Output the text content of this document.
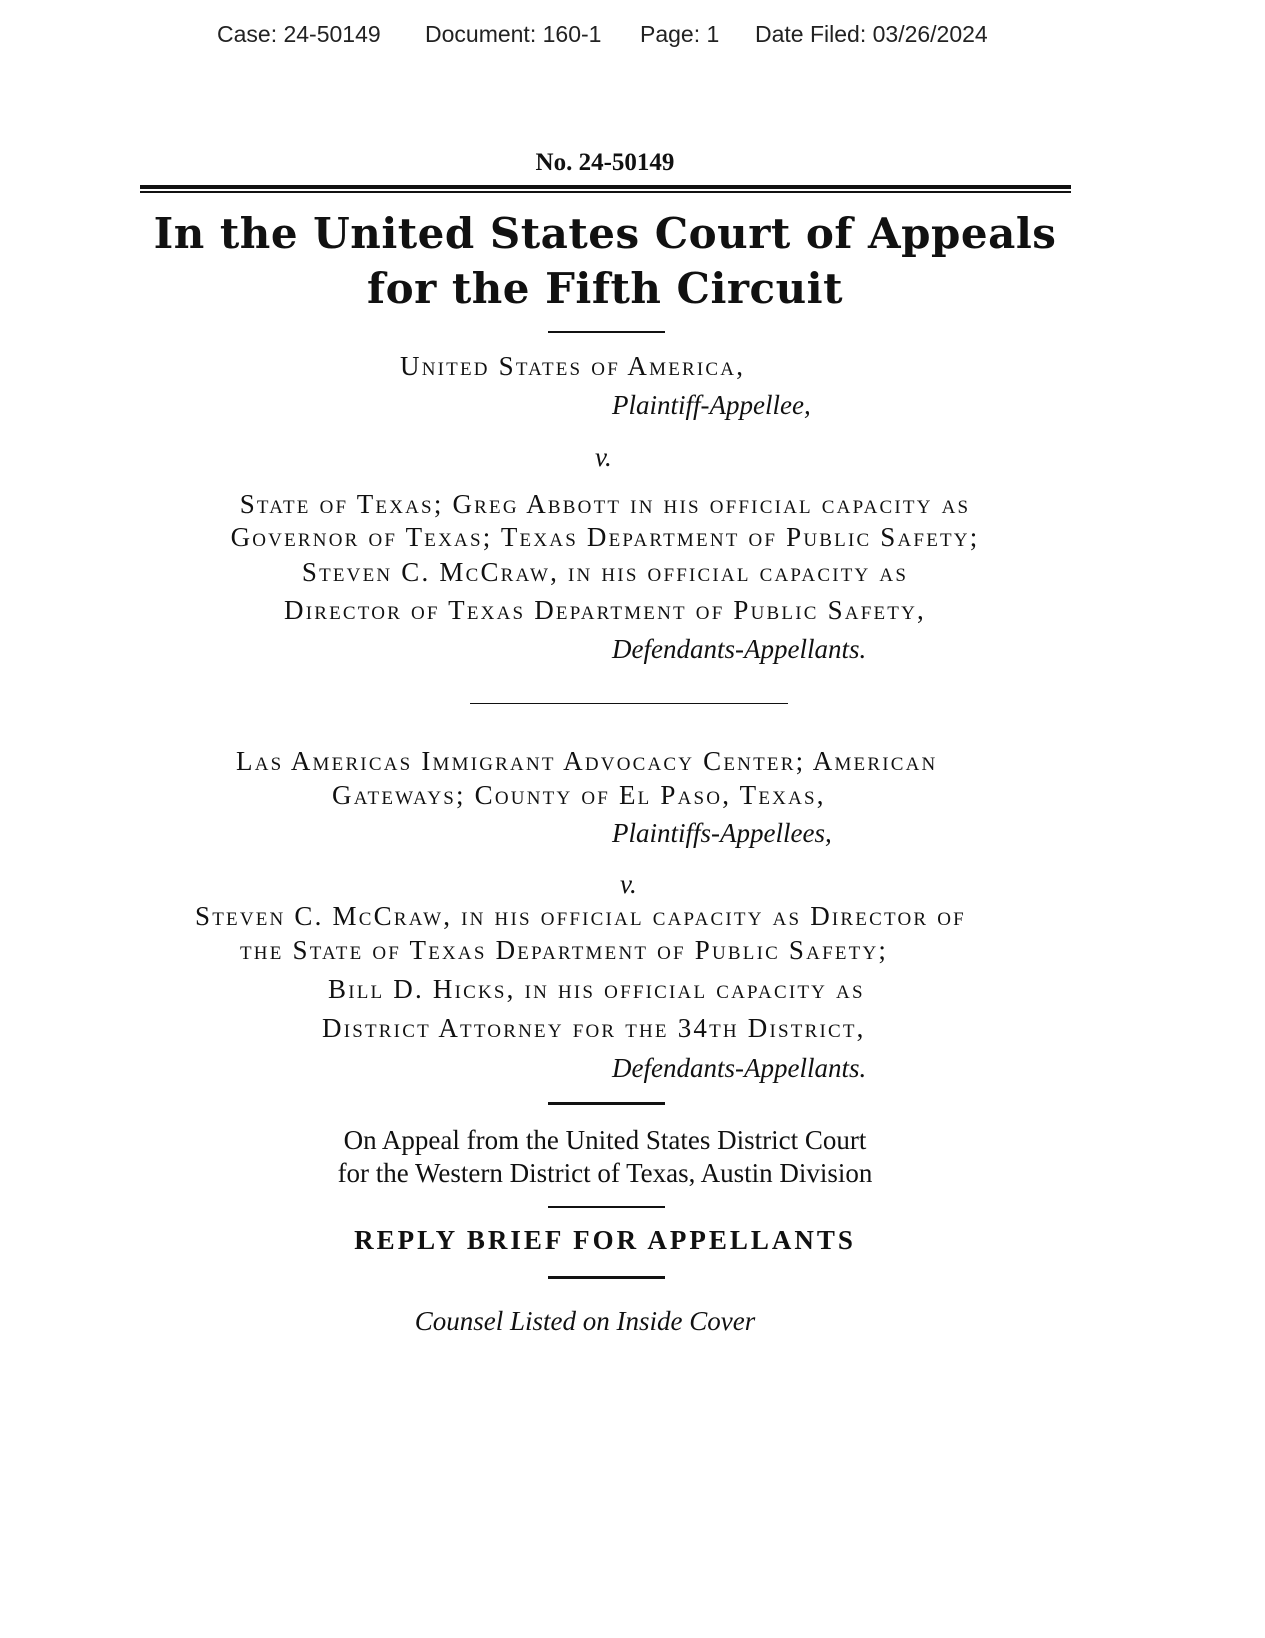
Case: 24-50149 Document: 160-1 Page: 1 Date Filed: 03/26/2024
No. 24-50149
In the United States Court of Appeals
for the Fifth Circuit
United States of America,
Plaintiff-Appellee,
v.
State of Texas; Greg Abbott in his official capacity as
Governor of Texas; Texas Department of Public Safety;
Steven C. McCraw, in his official capacity as
Director of Texas Department of Public Safety,
Defendants-Appellants.
Las Americas Immigrant Advocacy Center; American
Gateways; County of El Paso, Texas,
Plaintiffs-Appellees,
v.
Steven C. McCraw, in his official capacity as Director of
the State of Texas Department of Public Safety;
Bill D. Hicks, in his official capacity as
District Attorney for the 34th District,
Defendants-Appellants.
On Appeal from the United States District Court
for the Western District of Texas, Austin Division
REPLY BRIEF FOR APPELLANTS
Counsel Listed on Inside Cover
